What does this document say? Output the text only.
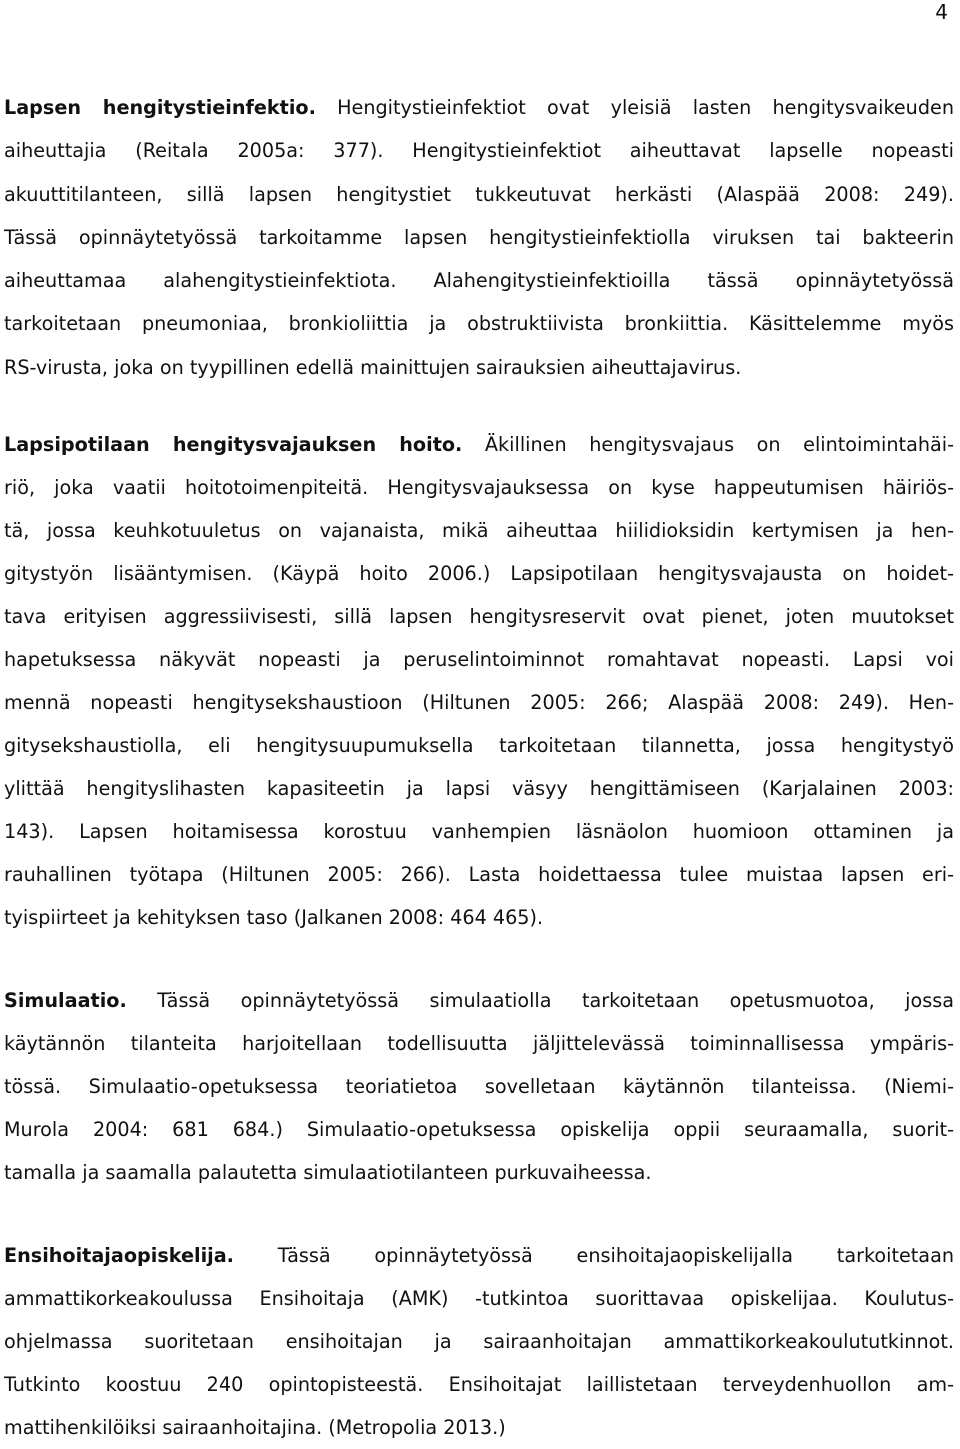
4
Lapsen hengitystieinfektio. Hengitystieinfektiot ovat yleisiä lasten hengitysvaikeuden
aiheuttajia (Reitala 2005a: 377). Hengitystieinfektiot aiheuttavat lapselle nopeasti
akuuttitilanteen, sillä lapsen hengitystiet tukkeutuvat herkästi (Alaspää 2008: 249).
Tässä opinnäytetyössä tarkoitamme lapsen hengitystieinfektiolla viruksen tai bakteerin
aiheuttamaa alahengitystieinfektiota. Alahengitystieinfektioilla tässä opinnäytetyössä
tarkoitetaan pneumoniaa, bronkioliittia ja obstruktiivista bronkiittia. Käsittelemme myös
RS-virusta, joka on tyypillinen edellä mainittujen sairauksien aiheuttajavirus.
Lapsipotilaan hengitysvajauksen hoito. Äkillinen hengitysvajaus on elintoimintahäi-
riö, joka vaatii hoitotoimenpiteitä. Hengitysvajauksessa on kyse happeutumisen häiriös-
tä, jossa keuhkotuuletus on vajanaista, mikä aiheuttaa hiilidioksidin kertymisen ja hen-
gitystyön lisääntymisen. (Käypä hoito 2006.) Lapsipotilaan hengitysvajausta on hoidet-
tava erityisen aggressiivisesti, sillä lapsen hengitysreservit ovat pienet, joten muutokset
hapetuksessa näkyvät nopeasti ja peruselintoiminnot romahtavat nopeasti. Lapsi voi
mennä nopeasti hengitysekshaustioon (Hiltunen 2005: 266; Alaspää 2008: 249). Hen-
gitysekshaustiolla, eli hengitysuupumuksella tarkoitetaan tilannetta, jossa hengitystyö
ylittää hengityslihasten kapasiteetin ja lapsi väsyy hengittämiseen (Karjalainen 2003:
143). Lapsen hoitamisessa korostuu vanhempien läsnäolon huomioon ottaminen ja
rauhallinen työtapa (Hiltunen 2005: 266). Lasta hoidettaessa tulee muistaa lapsen eri-
tyispiirteet ja kehityksen taso (Jalkanen 2008: 464 465).
Simulaatio. Tässä opinnäytetyössä simulaatiolla tarkoitetaan opetusmuotoa, jossa
käytännön tilanteita harjoitellaan todellisuutta jäljittelevässä toiminnallisessa ympäris-
tössä. Simulaatio-opetuksessa teoriatietoa sovelletaan käytännön tilanteissa. (Niemi-
Murola 2004: 681 684.) Simulaatio-opetuksessa opiskelija oppii seuraamalla, suorit-
tamalla ja saamalla palautetta simulaatiotilanteen purkuvaiheessa.
Ensihoitajaopiskelija. Tässä opinnäytetyössä ensihoitajaopiskelijalla tarkoitetaan
ammattikorkeakoulussa Ensihoitaja (AMK) -tutkintoa suorittavaa opiskelijaa. Koulutus-
ohjelmassa suoritetaan ensihoitajan ja sairaanhoitajan ammattikorkeakoulututkinnot.
Tutkinto koostuu 240 opintopisteestä. Ensihoitajat laillistetaan terveydenhuollon am-
mattihenkilöiksi sairaanhoitajina. (Metropolia 2013.)
